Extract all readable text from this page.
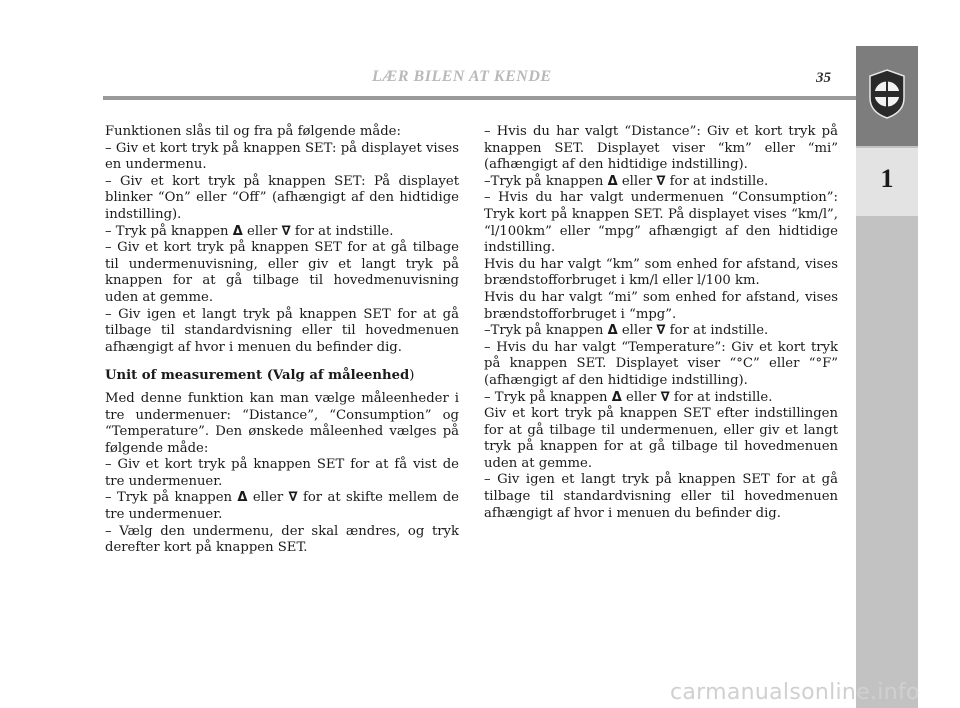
LÆR BILEN AT KENDE	35
1

Funktionen slås til og fra på følgende måde:

– Giv et kort tryk på knappen SET: på displayet vises en undermenu.

– Giv et kort tryk på knappen SET: På displayet blinker “On” eller “Off” (afhængigt af den hidtidige indstilling).

– Tryk på knappen Δ eller ∇ for at indstille.

– Giv et kort tryk på knappen SET for at gå tilbage til undermenuvisning, eller giv et langt tryk på knappen for at gå tilbage til hovedmenuvisning uden at gemme.

– Giv igen et langt tryk på knappen SET for at gå tilbage til standardvisning eller til hovedmenuen afhængigt af hvor i menuen du befinder dig.

Unit of measurement (Valg af måleenhed)

Med denne funktion kan man vælge måleenheder i tre undermenuer: “Distance”, “Consumption” og “Temperature”. Den ønskede måleenhed vælges på følgende måde:

– Giv et kort tryk på knappen SET for at få vist de tre undermenuer.

– Tryk på knappen Δ eller ∇ for at skifte mellem de tre undermenuer.

– Vælg den undermenu, der skal ændres, og tryk derefter kort på knappen SET.

– Hvis du har valgt “Distance”: Giv et kort tryk på knappen SET. Displayet viser “km” eller “mi” (afhængigt af den hidtidige indstilling).

–Tryk på knappen Δ eller ∇ for at indstille.

– Hvis du har valgt undermenuen “Consumption”: Tryk kort på knappen SET. På displayet vises “km/l”, “l/100km” eller “mpg” afhængigt af den hidtidige indstilling.

Hvis du har valgt “km” som enhed for afstand, vises brændstofforbruget i km/l eller l/100 km.

Hvis du har valgt “mi” som enhed for afstand, vises brændstofforbruget i “mpg”.

–Tryk på knappen Δ eller ∇ for at indstille.

– Hvis du har valgt “Temperature”: Giv et kort tryk på knappen SET. Displayet viser “°C” eller “°F” (afhængigt af den hidtidige indstilling).

– Tryk på knappen Δ eller ∇ for at indstille.

Giv et kort tryk på knappen SET efter indstillingen for at gå tilbage til undermenuen, eller giv et langt tryk på knappen for at gå tilbage til hovedmenuen uden at gemme.

– Giv igen et langt tryk på knappen SET for at gå tilbage til standardvisning eller til hovedmenuen afhængigt af hvor i menuen du befinder dig.

carmanualsonline.info
